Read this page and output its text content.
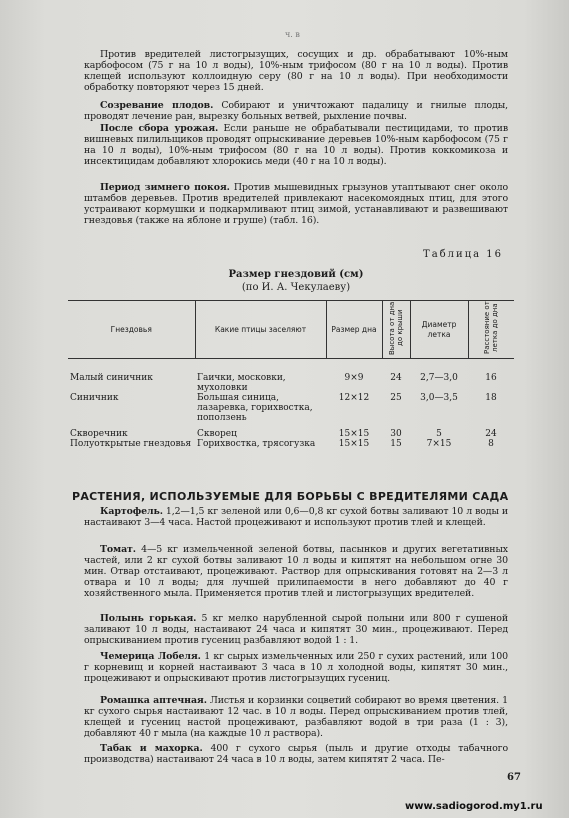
ч. в
Против вредителей листогрызущих, сосущих и др. обрабатывают 10%-ным карбофосом (75 г на 10 л воды), 10%-ным трифосом (80 г на 10 л воды). Против клещей используют коллоидную серу (80 г на 10 л воды). При необходимости обработку повторяют через 15 дней.
Созревание плодов. Собирают и уничтожают падалицу и гнилые плоды, проводят лечение ран, вырезку больных ветвей, рыхление почвы.
После сбора урожая. Если раньше не обрабатывали пестицидами, то против вишневых пилильщиков проводят опрыскивание деревьев 10%-ным карбофосом (75 г на 10 л воды), 10%-ным трифосом (80 г на 10 л воды). Против коккомикоза и инсектицидам добавляют хлорокись меди (40 г на 10 л воды).
Период зимнего покоя. Против мышевидных грызунов утаптывают снег около штамбов деревьев. Против вредителей привлекают насекомоядных птиц, для этого устраивают кормушки и подкармливают птиц зимой, устанавливают и развешивают гнездовья (также на яблоне и груше) (табл. 16).
Таблица 16
Размер гнездовий (см)
(по И. А. Чекулаеву)
Гнездовья	Какие птицы заселяют	Размер дна	Высота от дна до крыши	Диаметр летка	Расстояние от летка до дна
Малый синичник	Гаички, московки, мухоловки	9×9	24	2,7—3,0	16
Синичник	Большая синица, лазаревка, горихвостка, поползень	12×12	25	3,0—3,5	18
Скворечник	Скворец	15×15	30	5	24
Полуоткрытые гнездовья	Горихвостка, трясогузка	15×15	15	7×15	8
РАСТЕНИЯ, ИСПОЛЬЗУЕМЫЕ ДЛЯ БОРЬБЫ С ВРЕДИТЕЛЯМИ САДА
Картофель. 1,2—1,5 кг зеленой или 0,6—0,8 кг сухой ботвы заливают 10 л воды и настаивают 3—4 часа. Настой процеживают и используют против тлей и клещей.
Томат. 4—5 кг измельченной зеленой ботвы, пасынков и других вегетативных частей, или 2 кг сухой ботвы заливают 10 л воды и кипятят на небольшом огне 30 мин. Отвар отстаивают, процеживают. Раствор для опрыскивания готовят на 2—3 л отвара и 10 л воды; для лучшей прилипаемости в него добавляют до 40 г хозяйственного мыла. Применяется против тлей и листогрызущих вредителей.
Полынь горькая. 5 кг мелко нарубленной сырой полыни или 800 г сушеной заливают 10 л воды, настаивают 24 часа и кипятят 30 мин., процеживают. Перед опрыскиванием против гусениц разбавляют водой 1 : 1.
Чемерица Лобеля. 1 кг сырых измельченных или 250 г сухих растений, или 100 г корневищ и корней настаивают 3 часа в 10 л холодной воды, кипятят 30 мин., процеживают и опрыскивают против листогрызущих гусениц.
Ромашка аптечная. Листья и корзинки соцветий собирают во время цветения. 1 кг сухого сырья настаивают 12 час. в 10 л воды. Перед опрыскиванием против тлей, клещей и гусениц настой процеживают, разбавляют водой в три раза (1 : 3), добавляют 40 г мыла (на каждые 10 л раствора).
Табак и махорка. 400 г сухого сырья (пыль и другие отходы табачного производства) настаивают 24 часа в 10 л воды, затем кипятят 2 часа. Пе-
67
www.sadiogorod.my1.ru
